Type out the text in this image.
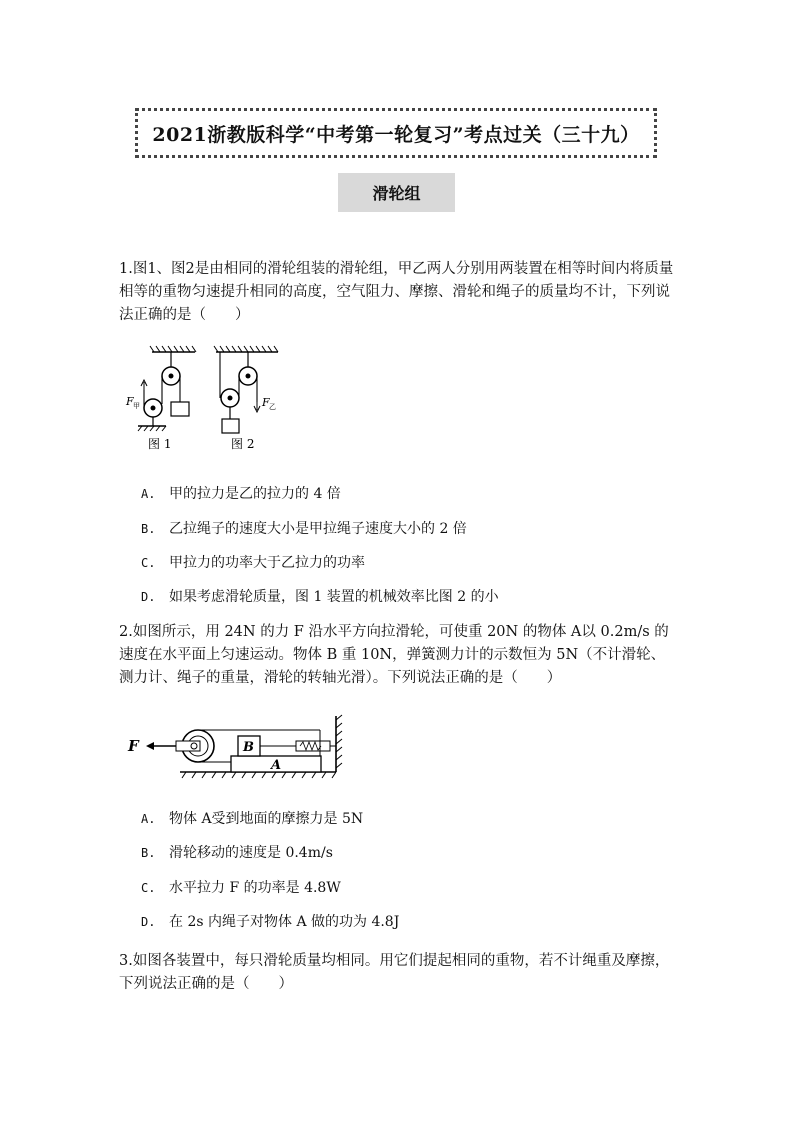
2021浙教版科学“中考第一轮复习”考点过关（三十九）
滑轮组
1.图1、图2是由相同的滑轮组装的滑轮组，甲乙两人分别用两装置在相等时间内将质量相等的重物匀速提升相同的高度，空气阻力、摩擦、滑轮和绳子的质量均不计，下列说法正确的是（　　）
F 甲
图 1
F 乙
图 2
A. 甲的拉力是乙的拉力的 4 倍
B. 乙拉绳子的速度大小是甲拉绳子速度大小的 2 倍
C. 甲拉力的功率大于乙拉力的功率
D. 如果考虑滑轮质量，图 1 装置的机械效率比图 2 的小
2.如图所示，用 24N 的力 F 沿水平方向拉滑轮，可使重 20N 的物体 A以 0.2m/s 的速度在水平面上匀速运动。物体 B 重 10N，弹簧测力计的示数恒为 5N（不计滑轮、测力计、绳子的重量，滑轮的转轴光滑）。下列说法正确的是（　　）
A
B
F
A. 物体 A受到地面的摩擦力是 5N
B. 滑轮移动的速度是 0.4m/s
C. 水平拉力 F 的功率是 4.8W
D. 在 2s 内绳子对物体 A 做的功为 4.8J
3.如图各装置中，每只滑轮质量均相同。用它们提起相同的重物，若不计绳重及摩擦，下列说法正确的是（　　）
